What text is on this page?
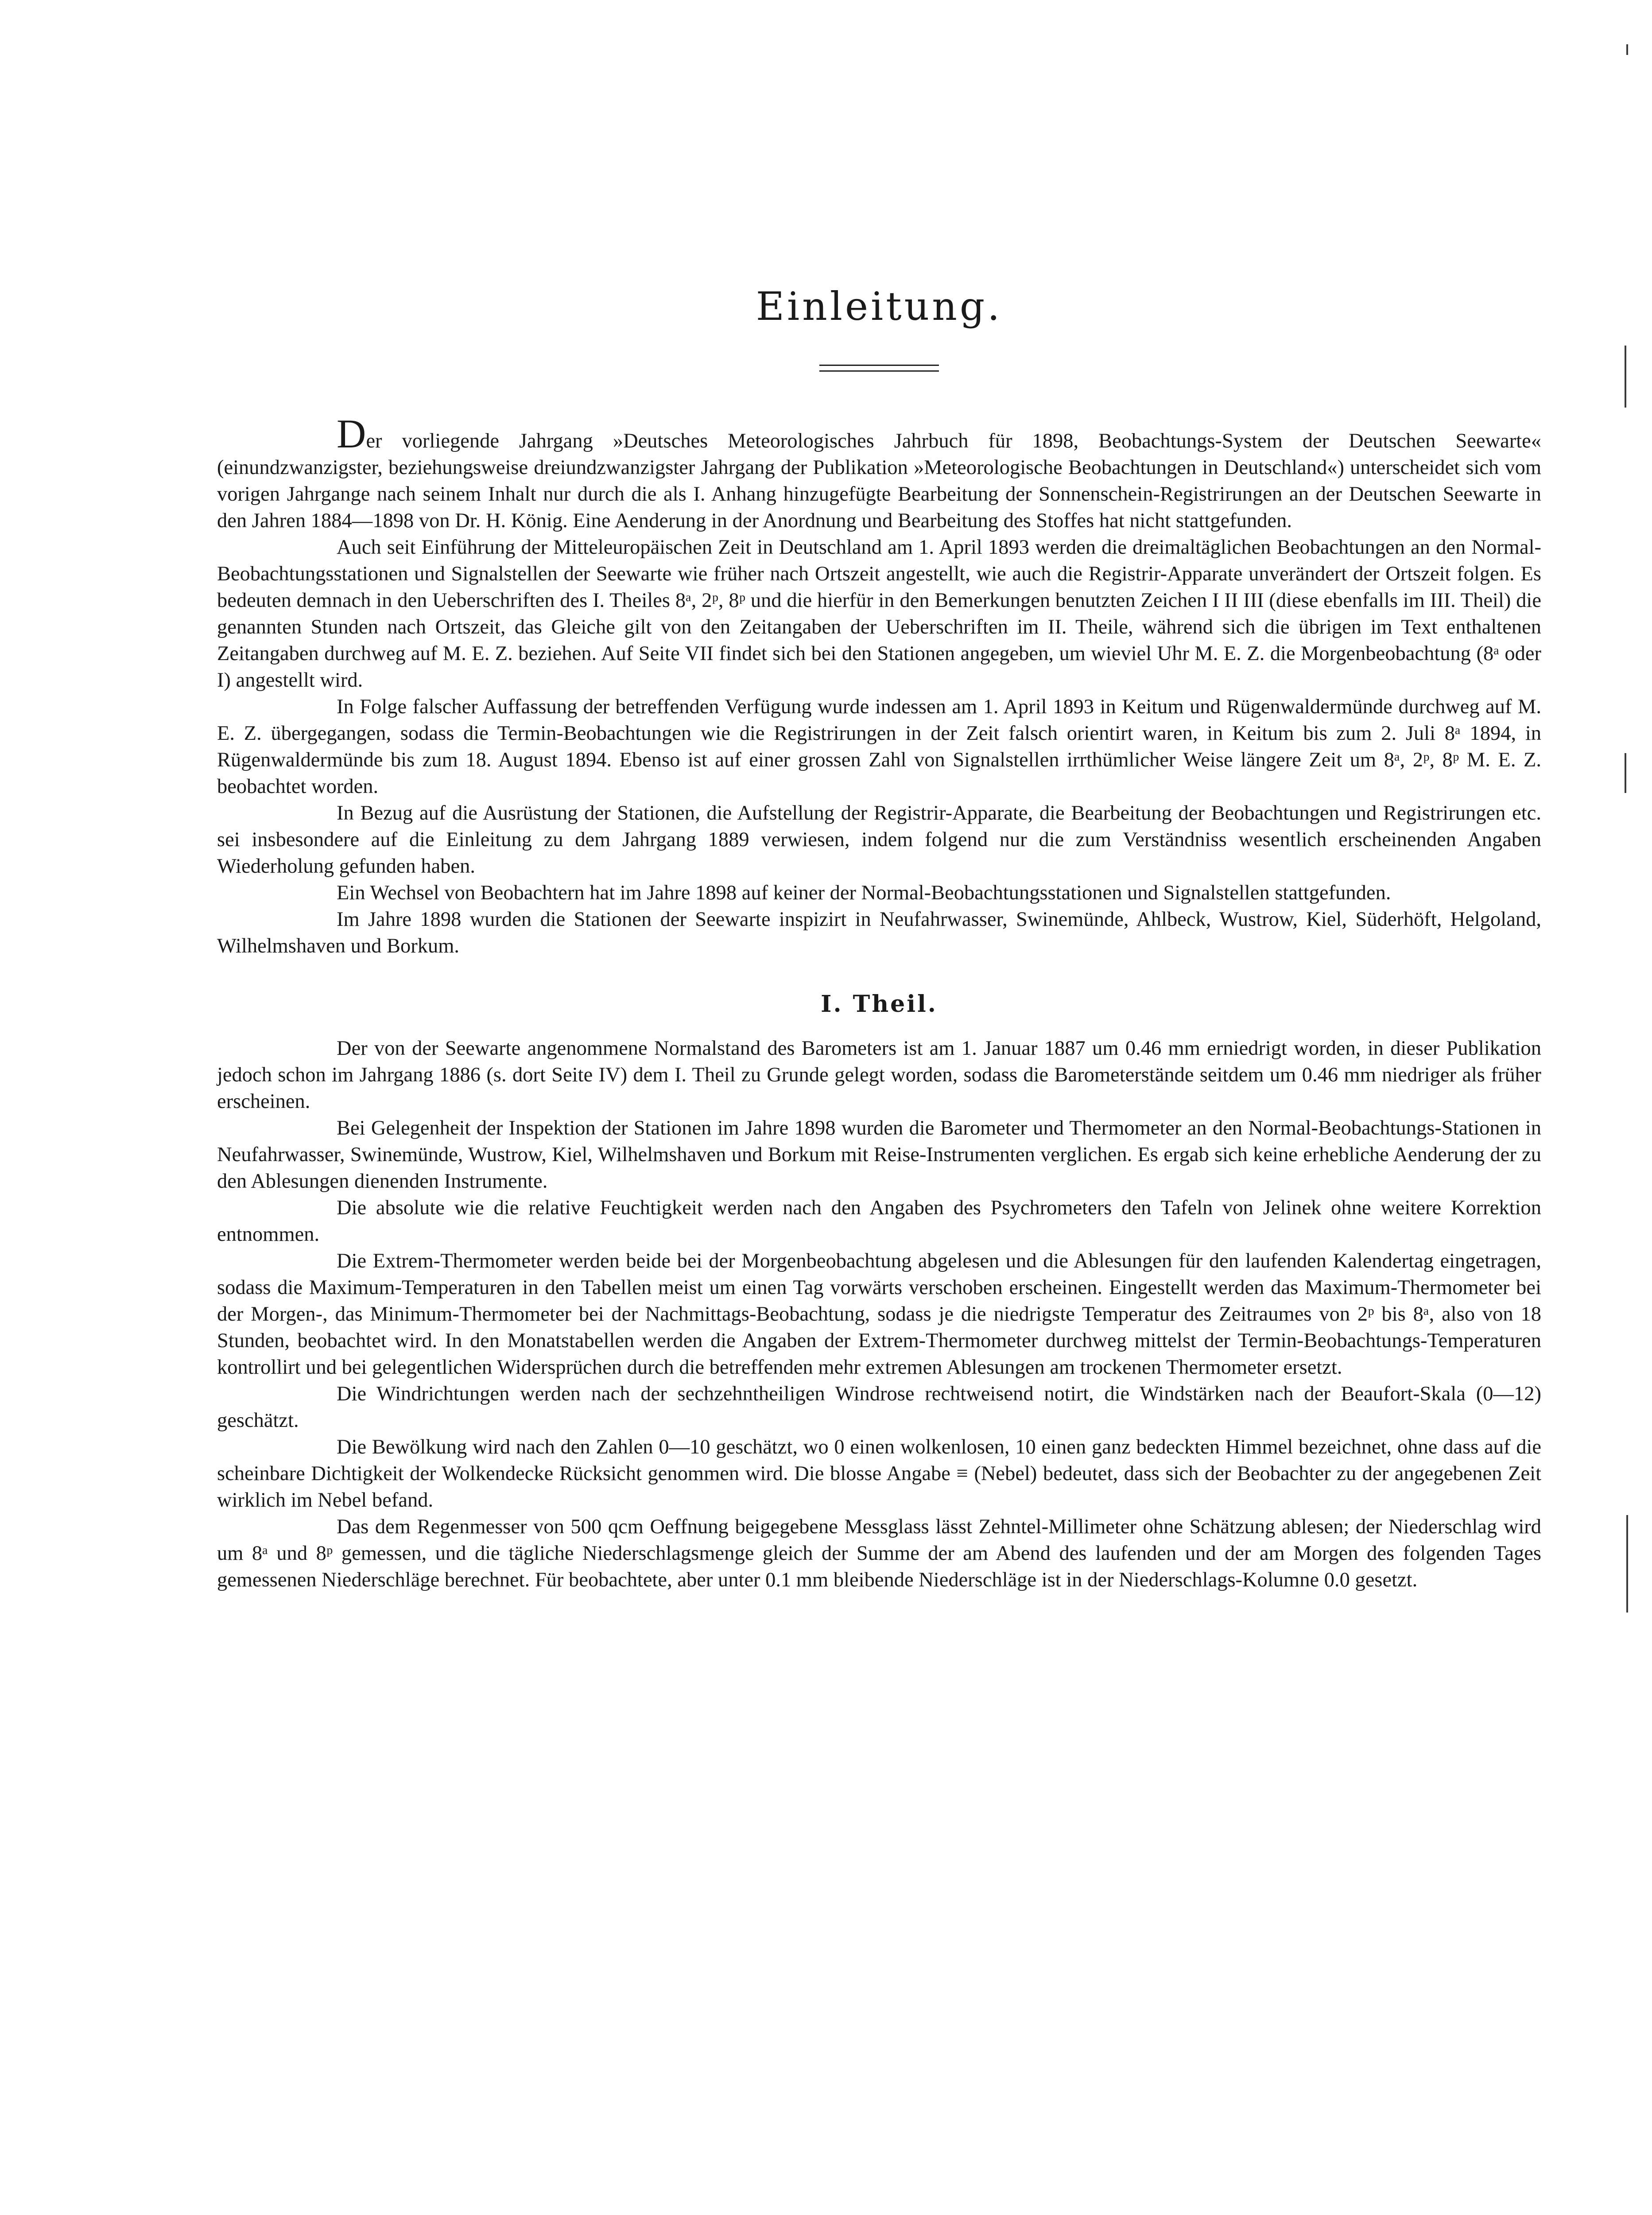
Einleitung.

Der vorliegende Jahrgang »Deutsches Meteorologisches Jahrbuch für 1898, Beobachtungs-System der Deutschen Seewarte« (einundzwanzigster, beziehungsweise dreiundzwanzigster Jahrgang der Publikation »Meteorologische Beobachtungen in Deutschland«) unterscheidet sich vom vorigen Jahrgange nach seinem Inhalt nur durch die als I. Anhang hinzugefügte Bearbeitung der Sonnenschein-Registrirungen an der Deutschen Seewarte in den Jahren 1884—1898 von Dr. H. König. Eine Aenderung in der Anordnung und Bearbeitung des Stoffes hat nicht stattgefunden.

Auch seit Einführung der Mitteleuropäischen Zeit in Deutschland am 1. April 1893 werden die dreimaltäglichen Beobachtungen an den Normal-Beobachtungsstationen und Signalstellen der Seewarte wie früher nach Ortszeit angestellt, wie auch die Registrir-Apparate unverändert der Ortszeit folgen. Es bedeuten demnach in den Ueberschriften des I. Theiles 8ᵃ, 2ᵖ, 8ᵖ und die hierfür in den Bemerkungen benutzten Zeichen I II III (diese ebenfalls im III. Theil) die genannten Stunden nach Ortszeit, das Gleiche gilt von den Zeitangaben der Ueberschriften im II. Theile, während sich die übrigen im Text enthaltenen Zeitangaben durchweg auf M. E. Z. beziehen. Auf Seite VII findet sich bei den Stationen angegeben, um wieviel Uhr M. E. Z. die Morgenbeobachtung (8ᵃ oder I) angestellt wird.

In Folge falscher Auffassung der betreffenden Verfügung wurde indessen am 1. April 1893 in Keitum und Rügenwaldermünde durchweg auf M. E. Z. übergegangen, sodass die Termin-Beobachtungen wie die Registrirungen in der Zeit falsch orientirt waren, in Keitum bis zum 2. Juli 8ᵃ 1894, in Rügenwaldermünde bis zum 18. August 1894. Ebenso ist auf einer grossen Zahl von Signalstellen irrthümlicher Weise längere Zeit um 8ᵃ, 2ᵖ, 8ᵖ M. E. Z. beobachtet worden.

In Bezug auf die Ausrüstung der Stationen, die Aufstellung der Registrir-Apparate, die Bearbeitung der Beobachtungen und Registrirungen etc. sei insbesondere auf die Einleitung zu dem Jahrgang 1889 verwiesen, indem folgend nur die zum Verständniss wesentlich erscheinenden Angaben Wiederholung gefunden haben.

Ein Wechsel von Beobachtern hat im Jahre 1898 auf keiner der Normal-Beobachtungsstationen und Signalstellen stattgefunden.

Im Jahre 1898 wurden die Stationen der Seewarte inspizirt in Neufahrwasser, Swinemünde, Ahlbeck, Wustrow, Kiel, Süderhöft, Helgoland, Wilhelmshaven und Borkum.

I. Theil.

Der von der Seewarte angenommene Normalstand des Barometers ist am 1. Januar 1887 um 0.46 mm erniedrigt worden, in dieser Publikation jedoch schon im Jahrgang 1886 (s. dort Seite IV) dem I. Theil zu Grunde gelegt worden, sodass die Barometerstände seitdem um 0.46 mm niedriger als früher erscheinen.

Bei Gelegenheit der Inspektion der Stationen im Jahre 1898 wurden die Barometer und Thermometer an den Normal-Beobachtungs-Stationen in Neufahrwasser, Swinemünde, Wustrow, Kiel, Wilhelmshaven und Borkum mit Reise-Instrumenten verglichen. Es ergab sich keine erhebliche Aenderung der zu den Ablesungen dienenden Instrumente.

Die absolute wie die relative Feuchtigkeit werden nach den Angaben des Psychrometers den Tafeln von Jelinek ohne weitere Korrektion entnommen.

Die Extrem-Thermometer werden beide bei der Morgenbeobachtung abgelesen und die Ablesungen für den laufenden Kalendertag eingetragen, sodass die Maximum-Temperaturen in den Tabellen meist um einen Tag vorwärts verschoben erscheinen. Eingestellt werden das Maximum-Thermometer bei der Morgen-, das Minimum-Thermometer bei der Nachmittags-Beobachtung, sodass je die niedrigste Temperatur des Zeitraumes von 2ᵖ bis 8ᵃ, also von 18 Stunden, beobachtet wird. In den Monatstabellen werden die Angaben der Extrem-Thermometer durchweg mittelst der Termin-Beobachtungs-Temperaturen kontrollirt und bei gelegentlichen Widersprüchen durch die betreffenden mehr extremen Ablesungen am trockenen Thermometer ersetzt.

Die Windrichtungen werden nach der sechzehntheiligen Windrose rechtweisend notirt, die Windstärken nach der Beaufort-Skala (0—12) geschätzt.

Die Bewölkung wird nach den Zahlen 0—10 geschätzt, wo 0 einen wolkenlosen, 10 einen ganz bedeckten Himmel bezeichnet, ohne dass auf die scheinbare Dichtigkeit der Wolkendecke Rücksicht genommen wird. Die blosse Angabe ≡ (Nebel) bedeutet, dass sich der Beobachter zu der angegebenen Zeit wirklich im Nebel befand.

Das dem Regenmesser von 500 qcm Oeffnung beigegebene Messglass lässt Zehntel-Millimeter ohne Schätzung ablesen; der Niederschlag wird um 8ᵃ und 8ᵖ gemessen, und die tägliche Niederschlagsmenge gleich der Summe der am Abend des laufenden und der am Morgen des folgenden Tages gemessenen Niederschläge berechnet. Für beobachtete, aber unter 0.1 mm bleibende Niederschläge ist in der Niederschlags-Kolumne 0.0 gesetzt.
